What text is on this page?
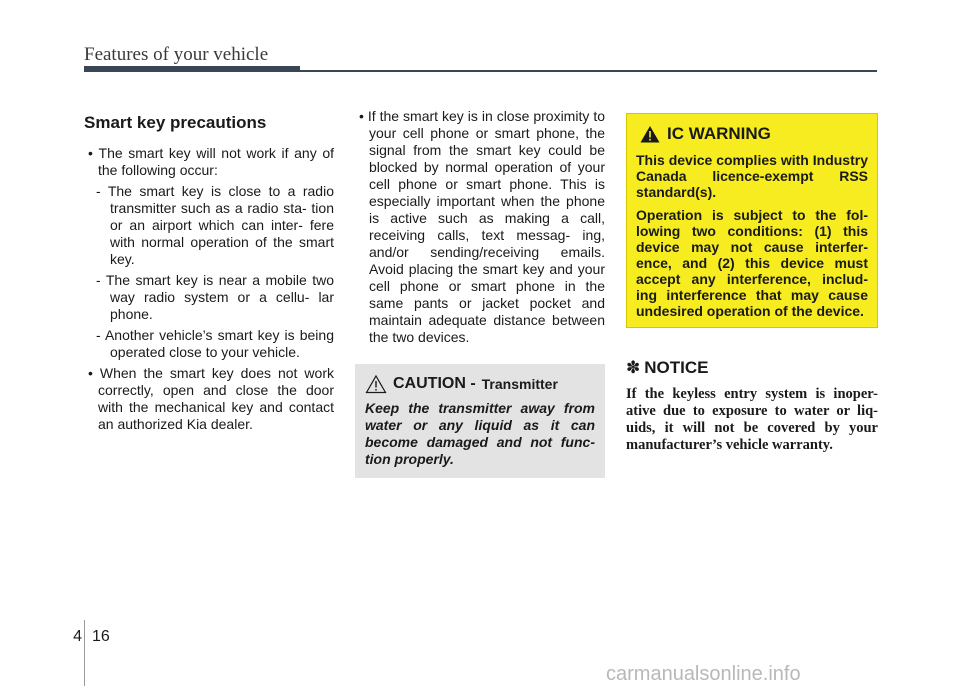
Features of your vehicle
Smart key precautions
• The smart key will not work if any of the following occur:
- The smart key is close to a radio transmitter such as a radio sta- tion or an airport which can inter- fere with normal operation of the smart key.
- The smart key is near a mobile two way radio system or a cellu- lar phone.
- Another vehicle’s smart key is being operated close to your vehicle.
• When the smart key does not work correctly, open and close the door with the mechanical key and contact an authorized Kia dealer.
• If the smart key is in close proximity to your cell phone or smart phone, the signal from the smart key could be blocked by normal operation of your cell phone or smart phone. This is especially important when the phone is active such as making a call, receiving calls, text messag- ing, and/or sending/receiving emails. Avoid placing the smart key and your cell phone or smart phone in the same pants or jacket pocket and maintain adequate distance between the two devices.
CAUTION - Transmitter
Keep the transmitter away from water or any liquid as it can become damaged and not func- tion properly.
IC WARNING

This device complies with Industry Canada licence-exempt RSS standard(s).

Operation is subject to the fol- lowing two conditions: (1) this device may not cause interfer- ence, and (2) this device must accept any interference, includ- ing interference that may cause undesired operation of the device.

✽ NOTICE
If the keyless entry system is inoper- ative due to exposure to water or liq- uids, it will not be covered by your manufacturer’s vehicle warranty.
4 16
carmanualsonline.info
